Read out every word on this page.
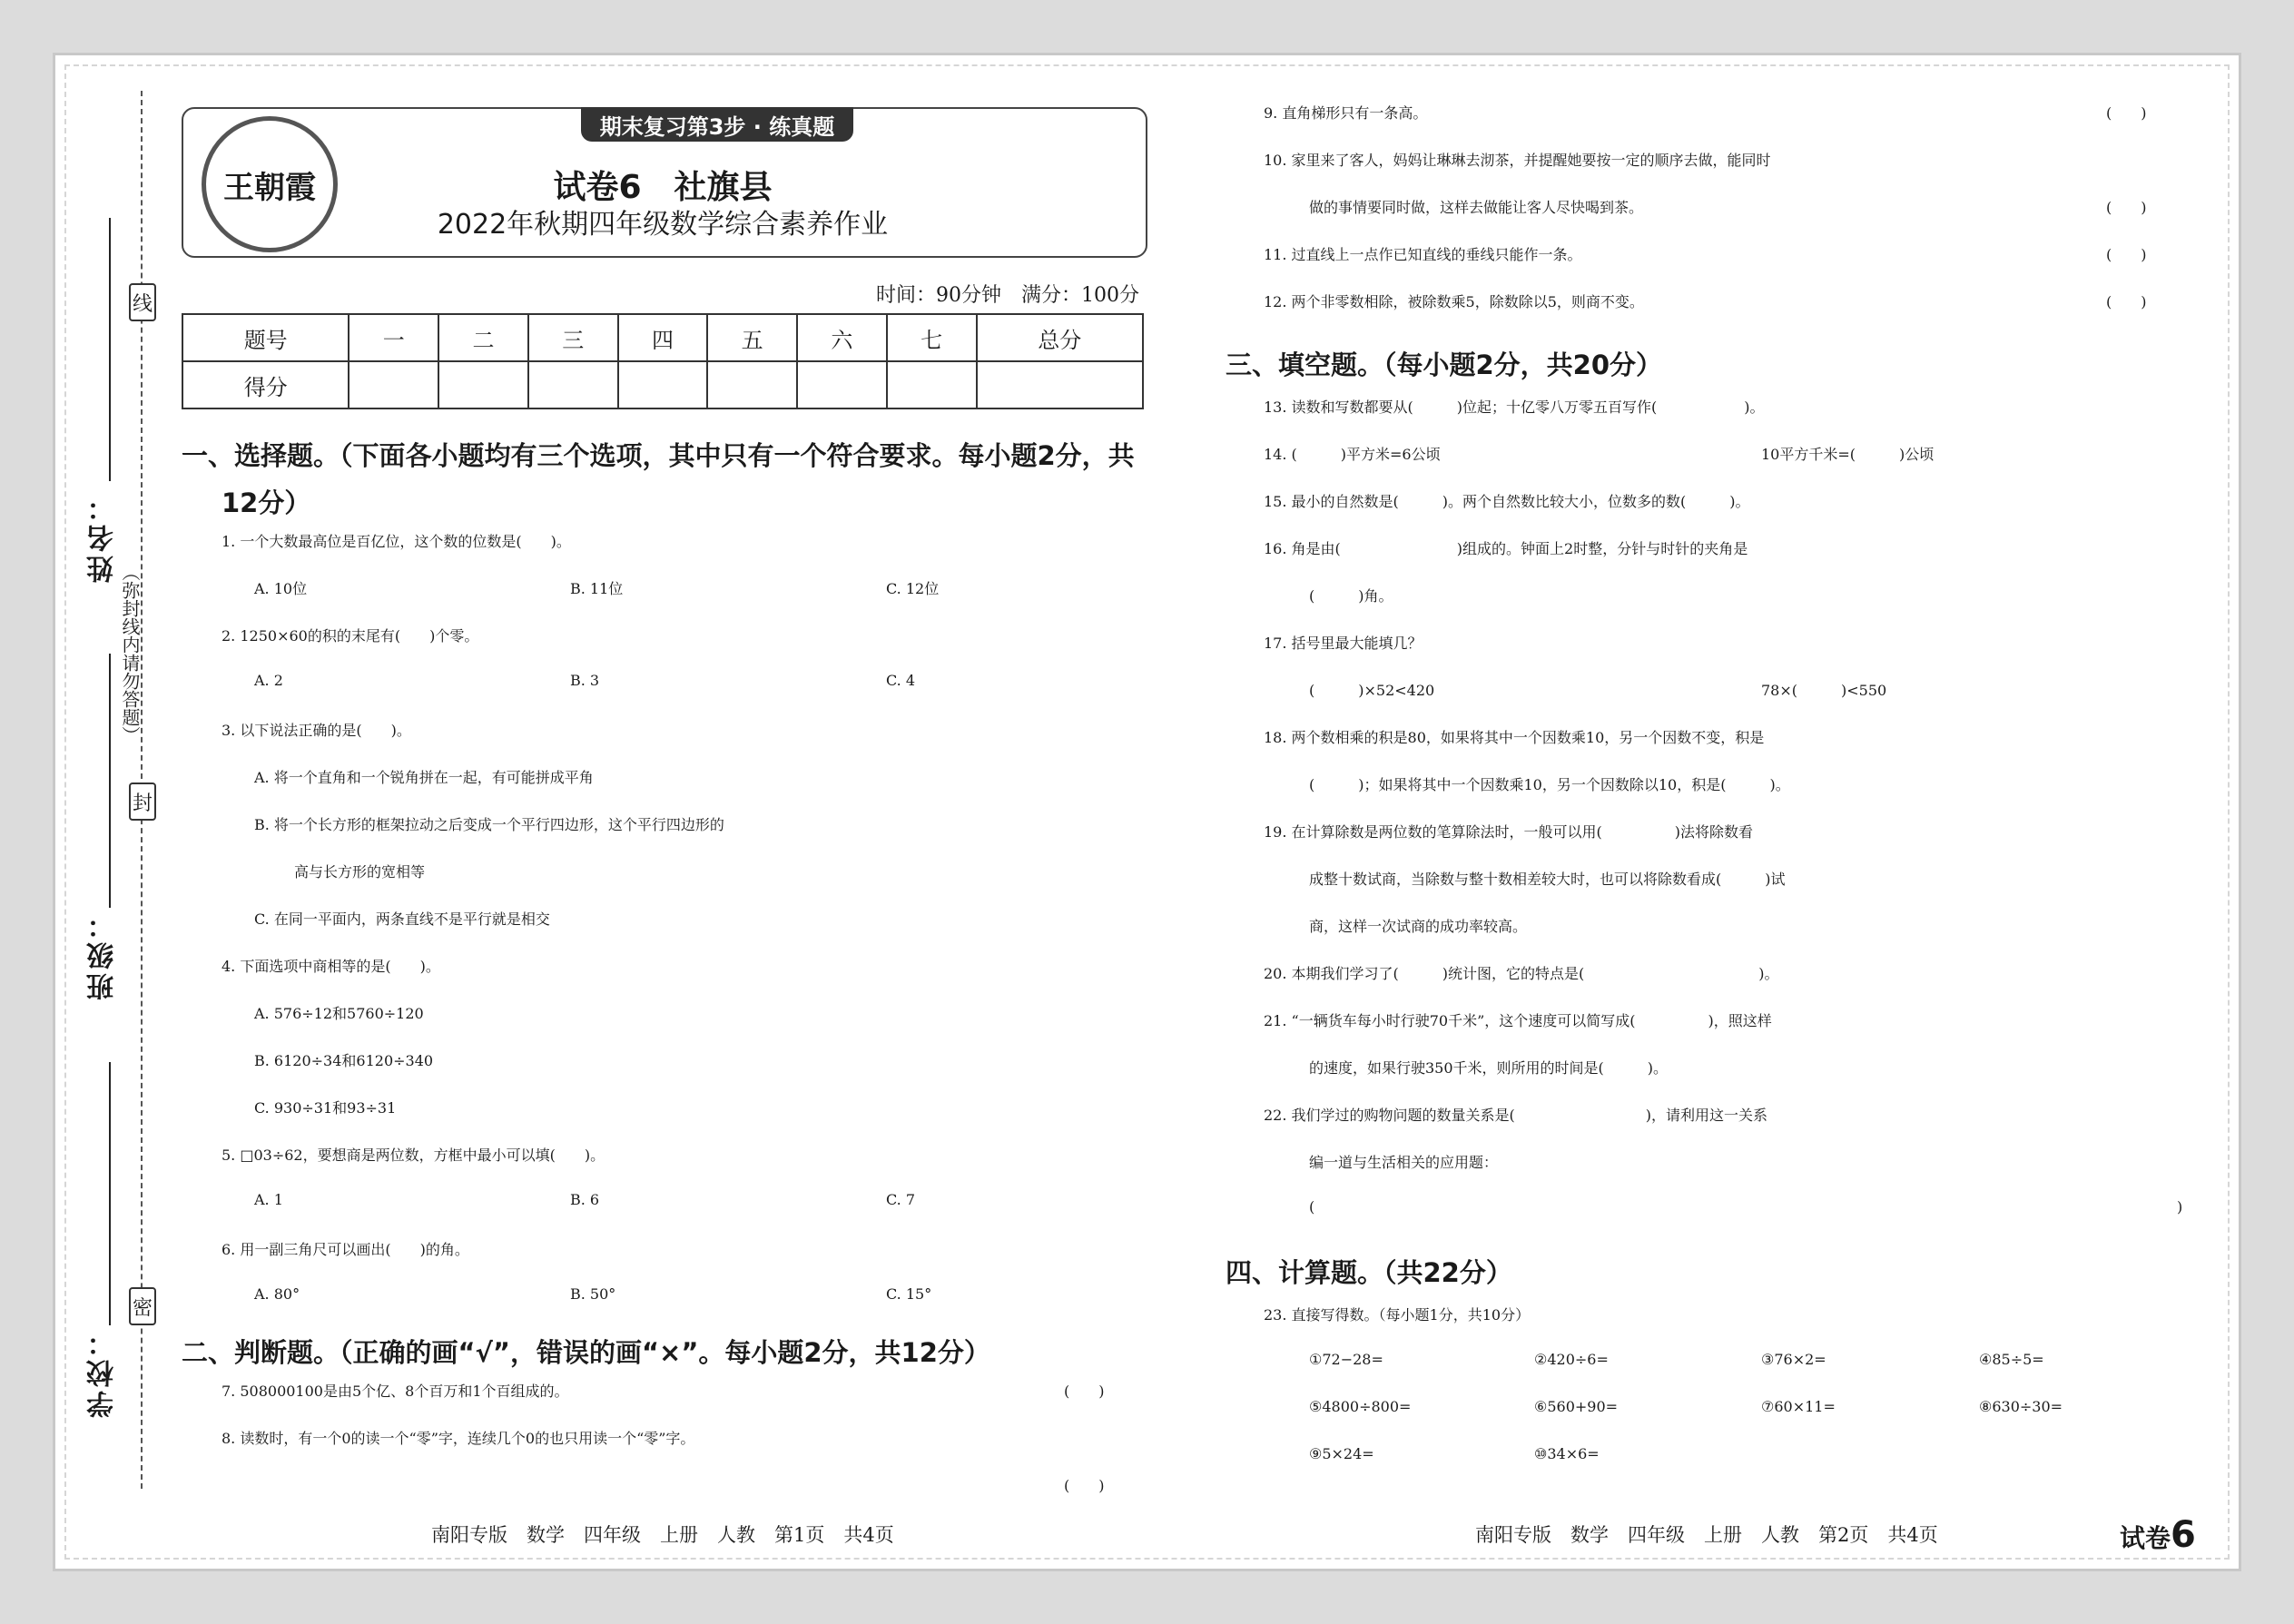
线
封
密
（弥封线内请勿答题）
姓名：
班级：
学校：
期末复习第3步 · 练真题
王朝霞	试卷6　社旗县
2022年秋期四年级数学综合素养作业
时间：90分钟　满分：100分
题号	一	二	三	四	五	六	七	总分
得分								
一、选择题。（下面各小题均有三个选项，其中只有一个符合要求。每小题2分，共
12分）
1. 一个大数最高位是百亿位，这个数的位数是(　　)。
A. 10位	B. 11位	C. 12位
2. 1250×60的积的末尾有(　　)个零。
A. 2	B. 3	C. 4
3. 以下说法正确的是(　　)。
A. 将一个直角和一个锐角拼在一起，有可能拼成平角
B. 将一个长方形的框架拉动之后变成一个平行四边形，这个平行四边形的
高与长方形的宽相等
C. 在同一平面内，两条直线不是平行就是相交
4. 下面选项中商相等的是(　　)。
A. 576÷12和5760÷120
B. 6120÷34和6120÷340
C. 930÷31和93÷31
5. □03÷62，要想商是两位数，方框中最小可以填(　　)。
A. 1	B. 6	C. 7
6. 用一副三角尺可以画出(　　)的角。
A. 80°	B. 50°	C. 15°
二、判断题。（正确的画“√”，错误的画“×”。每小题2分，共12分）
7. 508000100是由5个亿、8个百万和1个百组成的。	(　　)
8. 读数时，有一个0的读一个“零”字，连续几个0的也只用读一个“零”字。
(　　)
9. 直角梯形只有一条高。	(　　)
10. 家里来了客人，妈妈让琳琳去沏茶，并提醒她要按一定的顺序去做，能同时
做的事情要同时做，这样去做能让客人尽快喝到茶。	(　　)
11. 过直线上一点作已知直线的垂线只能作一条。	(　　)
12. 两个非零数相除，被除数乘5，除数除以5，则商不变。	(　　)
三、填空题。（每小题2分，共20分）
13. 读数和写数都要从(　　　)位起；十亿零八万零五百写作(　　　　　　)。
14. (　　　)平方米=6公顷	10平方千米=(　　　)公顷
15. 最小的自然数是(　　　)。两个自然数比较大小，位数多的数(　　　)。
16. 角是由(　　　　　　　　)组成的。钟面上2时整，分针与时针的夹角是
(　　　)角。
17. 括号里最大能填几？
(　　　)×52<420	78×(　　　)<550
18. 两个数相乘的积是80，如果将其中一个因数乘10，另一个因数不变，积是
(　　　)；如果将其中一个因数乘10，另一个因数除以10，积是(　　　)。
19. 在计算除数是两位数的笔算除法时，一般可以用(　　　　　)法将除数看
成整十数试商，当除数与整十数相差较大时，也可以将除数看成(　　　)试
商，这样一次试商的成功率较高。
20. 本期我们学习了(　　　)统计图，它的特点是(　　　　　　　　　　　　)。
21. “一辆货车每小时行驶70千米”，这个速度可以简写成(　　　　　)，照这样
的速度，如果行驶350千米，则所用的时间是(　　　)。
22. 我们学过的购物问题的数量关系是(　　　　　　　　　)，请利用这一关系
编一道与生活相关的应用题：
(	)
四、计算题。（共22分）
23. 直接写得数。（每小题1分，共10分）
①72−28=	②420÷6=	③76×2=	④85÷5=
⑤4800÷800=	⑥560+90=	⑦60×11=	⑧630÷30=
⑨5×24=	⑩34×6=
南阳专版　数学　四年级　上册　人教　第1页　共4页	南阳专版　数学　四年级　上册　人教　第2页　共4页	试卷6
